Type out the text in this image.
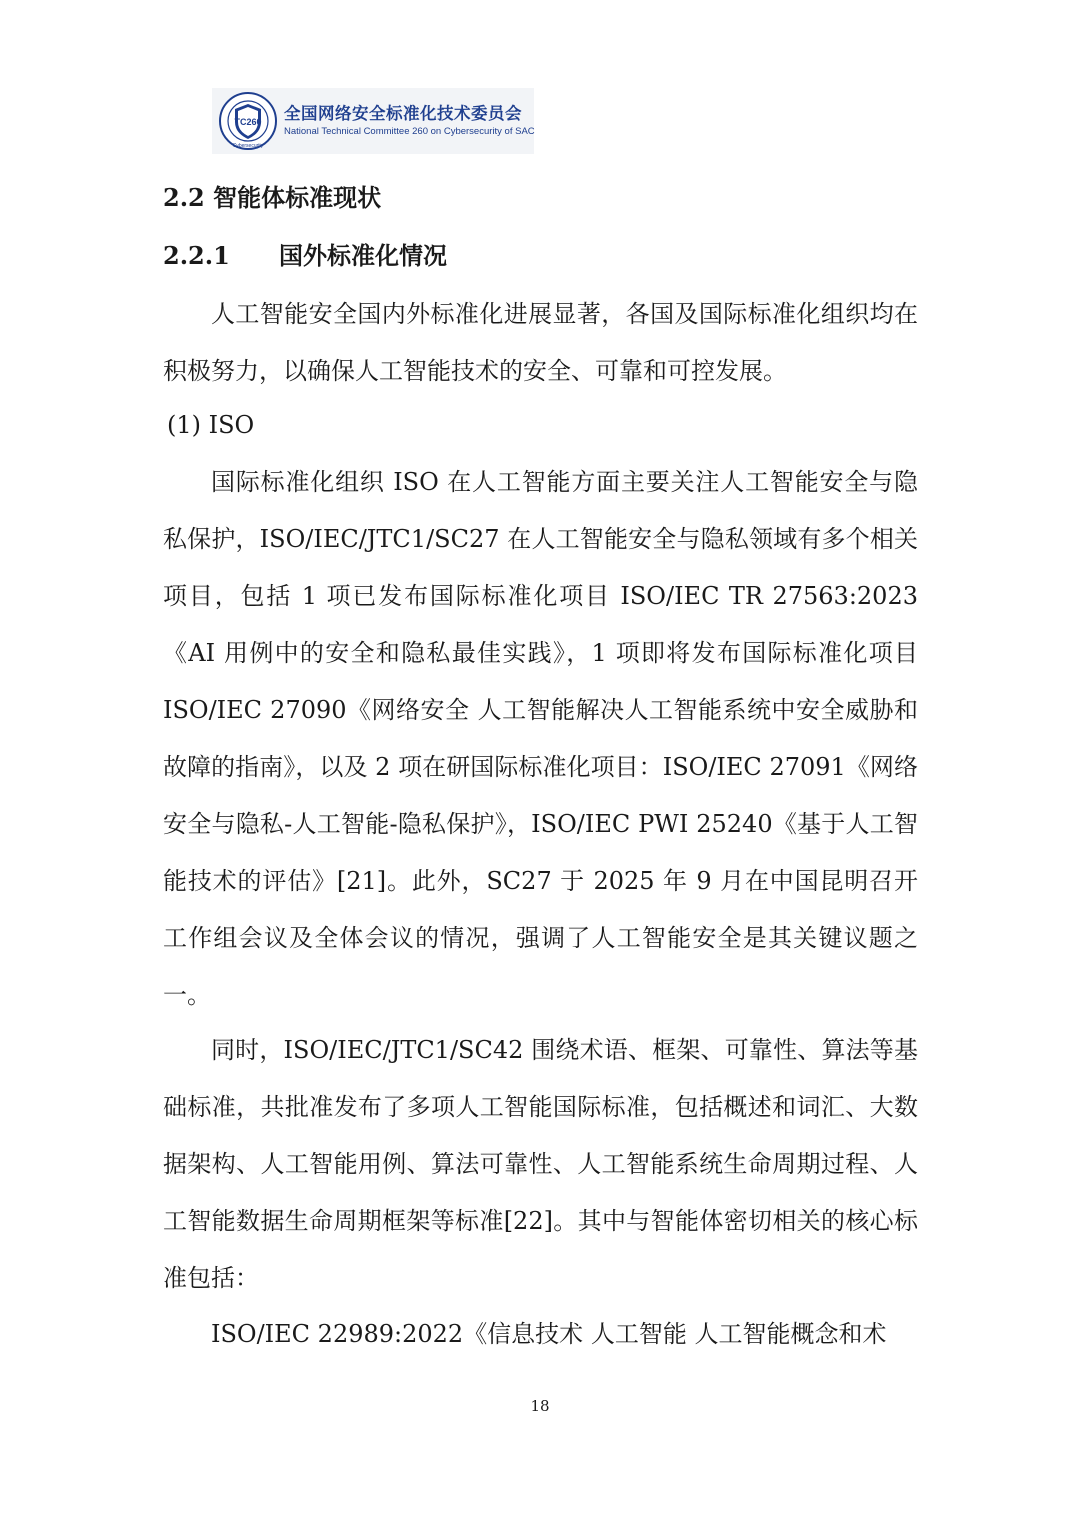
TC260
Cybersecurity
全国网络安全标准化技术委员会
National Technical Committee 260 on Cybersecurity of SAC
2.2 智能体标准现状
2.2.1 国外标准化情况

人工智能安全国内外标准化进展显著，各国及国际标准化组织均在积极努力，以确保人工智能技术的安全、可靠和可控发展。

(1) ISO

国际标准化组织 ISO 在人工智能方面主要关注人工智能安全与隐私保护，ISO/IEC/JTC1/SC27 在人工智能安全与隐私领域有多个相关项目，包括 1 项已发布国际标准化项目 ISO/IEC TR 27563:2023《AI 用例中的安全和隐私最佳实践》，1 项即将发布国际标准化项目 ISO/IEC 27090《网络安全 人工智能解决人工智能系统中安全威胁和故障的指南》，以及 2 项在研国际标准化项目：ISO/IEC 27091《网络安全与隐私-人工智能-隐私保护》，ISO/IEC PWI 25240《基于人工智能技术的评估》[21]。此外，SC27 于 2025 年 9 月在中国昆明召开工作组会议及全体会议的情况，强调了人工智能安全是其关键议题之一。

同时，ISO/IEC/JTC1/SC42 围绕术语、框架、可靠性、算法等基础标准，共批准发布了多项人工智能国际标准，包括概述和词汇、大数据架构、人工智能用例、算法可靠性、人工智能系统生命周期过程、人工智能数据生命周期框架等标准[22]。其中与智能体密切相关的核心标准包括：

ISO/IEC 22989:2022《信息技术 人工智能 人工智能概念和术

18
